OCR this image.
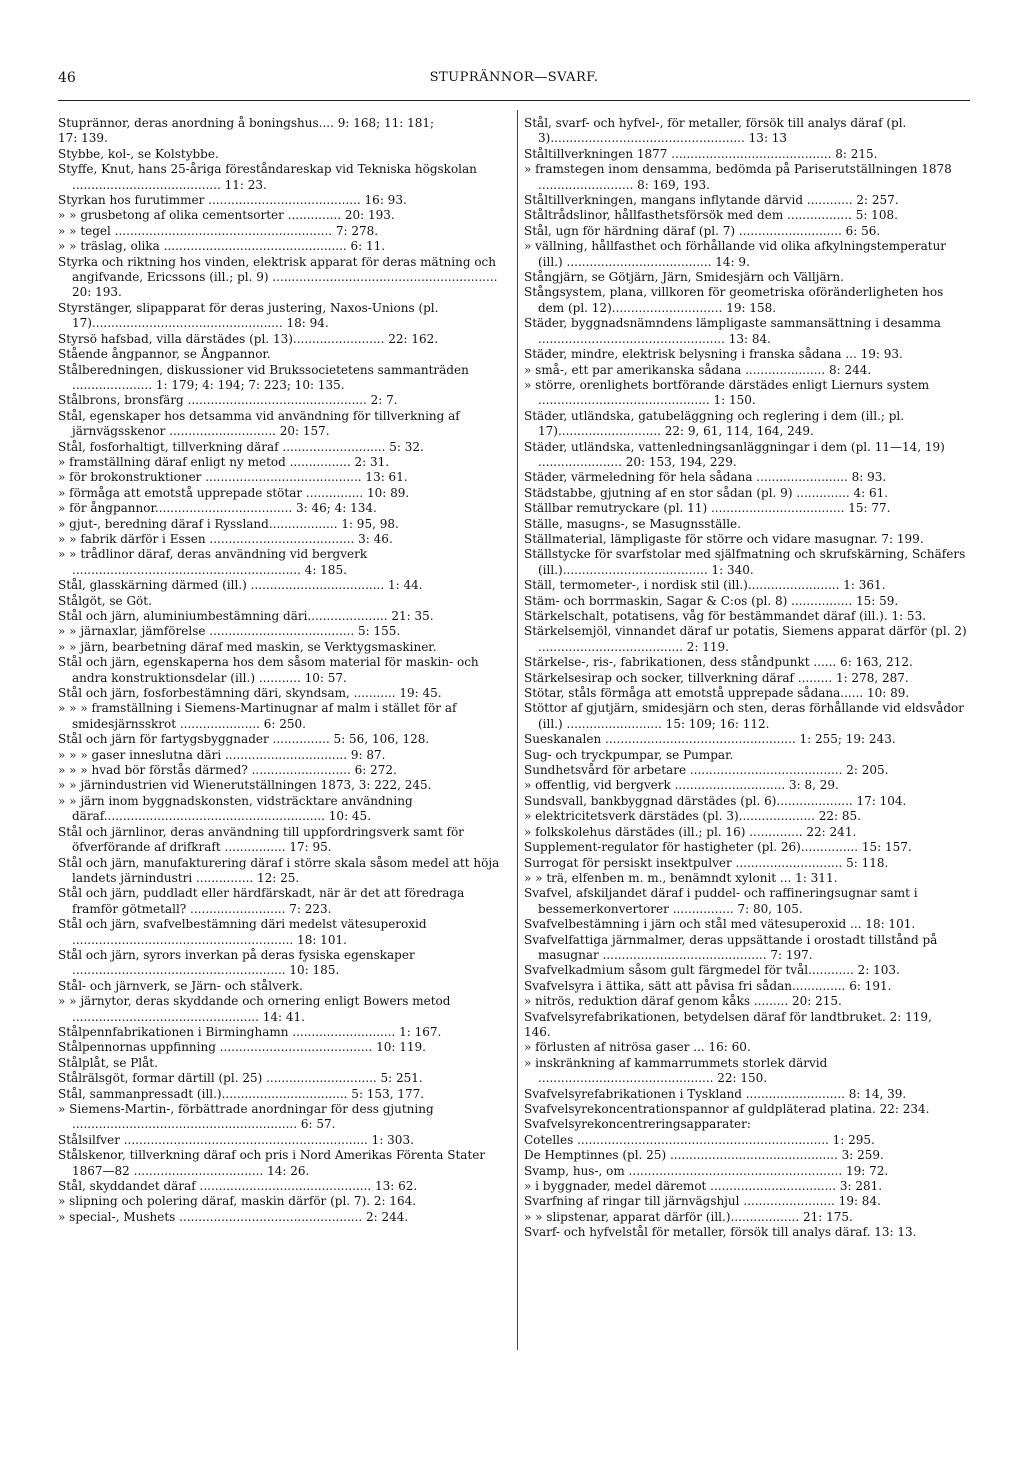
46	STUPRÄNNOR—SVARF.

Stuprännor, deras anordning å boningshus.... 9: 168; 11: 181;

17: 139.

Stybbe, kol-, se Kolstybbe.

Styffe, Knut, hans 25-åriga föreståndareskap vid Tekniska högskolan ....................................... 11: 23.

Styrkan hos furutimmer ........................................ 16: 93.

» » grusbetong af olika cementsorter .............. 20: 193.

» » tegel ......................................................... 7: 278.

» » träslag, olika ................................................ 6: 11.

Styrka och riktning hos vinden, elektrisk apparat för deras mätning och angifvande, Ericssons (ill.; pl. 9) ........................................................... 20: 193.

Styrstänger, slipapparat för deras justering, Naxos-Unions (pl. 17).................................................. 18: 94.

Styrsö hafsbad, villa därstädes (pl. 13)........................ 22: 162.

Stående ångpannor, se Ångpannor.

Stålberedningen, diskussioner vid Brukssocietetens sammanträden ..................... 1: 179; 4: 194; 7: 223; 10: 135.

Stålbrons, bronsfärg ............................................... 2: 7.

Stål, egenskaper hos detsamma vid användning för tillverkning af järnvägsskenor ............................ 20: 157.

Stål, fosforhaltigt, tillverkning däraf ........................... 5: 32.

» framställning däraf enligt ny metod ................ 2: 31.

» för brokonstruktioner ......................................... 13: 61.

» förmåga att emotstå upprepade stötar ............... 10: 89.

» för ångpannor.................................... 3: 46; 4: 134.

» gjut-, beredning däraf i Ryssland.................. 1: 95, 98.

» » fabrik därför i Essen ...................................... 3: 46.

» » trådlinor däraf, deras användning vid bergverk ............................................................ 4: 185.

Stål, glasskärning därmed (ill.) ................................... 1: 44.

Stålgöt, se Göt.

Stål och järn, aluminiumbestämning däri..................... 21: 35.

» » järnaxlar, jämförelse ...................................... 5: 155.

» » järn, bearbetning däraf med maskin, se Verktygsmaskiner.

Stål och järn, egenskaperna hos dem såsom material för maskin- och andra konstruktionsdelar (ill.) ........... 10: 57.

Stål och järn, fosforbestämning däri, skyndsam, ........... 19: 45.

» » » framställning i Siemens-Martinugnar af malm i stället för af smidesjärnsskrot ..................... 6: 250.

Stål och järn för fartygsbyggnader ............... 5: 56, 106, 128.

» » » gaser inneslutna däri ................................ 9: 87.

» » » hvad bör förstås därmed? .......................... 6: 272.

» » järnindustrien vid Wienerutställningen 1873, 3: 222, 245.

» » järn inom byggnadskonsten, vidsträcktare användning däraf.......................................................... 10: 45.

Stål och järnlinor, deras användning till uppfordringsverk samt för öfverförande af drifkraft ................ 17: 95.

Stål och järn, manufakturering däraf i större skala såsom medel att höja landets järnindustri ............... 12: 25.

Stål och järn, puddladt eller härdfärskadt, när är det att föredraga framför götmetall? ......................... 7: 223.

Stål och järn, svafvelbestämning däri medelst vätesuperoxid .......................................................... 18: 101.

Stål och järn, syrors inverkan på deras fysiska egenskaper ........................................................ 10: 185.

Stål- och järnverk, se Järn- och stålverk.

» » järnytor, deras skyddande och ornering enligt Bowers metod ................................................. 14: 41.

Stålpennfabrikationen i Birminghamn ........................... 1: 167.

Stålpennornas uppfinning ........................................ 10: 119.

Stålplåt, se Plåt.

Stålrälsgöt, formar därtill (pl. 25) ............................. 5: 251.

Stål, sammanpressadt (ill.)................................. 5: 153, 177.

» Siemens-Martin-, förbättrade anordningar för dess gjutning ........................................................... 6: 57.

Stålsilfver ................................................................ 1: 303.

Stålskenor, tillverkning däraf och pris i Nord Amerikas Förenta Stater 1867—82 .................................. 14: 26.

Stål, skyddandet däraf ............................................. 13: 62.

» slipning och polering däraf, maskin därför (pl. 7). 2: 164.

» special-, Mushets ................................................ 2: 244.

Stål, svarf- och hyfvel-, för metaller, försök till analys däraf (pl. 3)................................................... 13: 13

Ståltillverkningen 1877 .......................................... 8: 215.

» framstegen inom densamma, bedömda på Pariserutställningen 1878 ......................... 8: 169, 193.

Ståltillverkningen, mangans inflytande därvid ............ 2: 257.

Ståltrådslinor, hållfasthetsförsök med dem ................. 5: 108.

Stål, ugn för härdning däraf (pl. 7) ........................... 6: 56.

» vällning, hållfasthet och förhållande vid olika afkylningstemperatur (ill.) ...................................... 14: 9.

Stångjärn, se Götjärn, Järn, Smidesjärn och Välljärn.

Stångsystem, plana, villkoren för geometriska oföränderligheten hos dem (pl. 12)............................. 19: 158.

Städer, byggnadsnämndens lämpligaste sammansättning i desamma ................................................. 13: 84.

Städer, mindre, elektrisk belysning i franska sådana ... 19: 93.

» små-, ett par amerikanska sådana ..................... 8: 244.

» större, orenlighets bortförande därstädes enligt Liernurs system ............................................. 1: 150.

Städer, utländska, gatubeläggning och reglering i dem (ill.; pl. 17)........................... 22: 9, 61, 114, 164, 249.

Städer, utländska, vattenledningsanläggningar i dem (pl. 11—14, 19) ...................... 20: 153, 194, 229.

Städer, värmeledning för hela sådana ........................ 8: 93.

Städstabbe, gjutning af en stor sådan (pl. 9) .............. 4: 61.

Ställbar remutryckare (pl. 11) ................................... 15: 77.

Ställe, masugns-, se Masugnsställe.

Ställmaterial, lämpligaste för större och vidare masugnar. 7: 199.

Ställstycke för svarfstolar med själfmatning och skrufskärning, Schäfers (ill.)...................................... 1: 340.

Ställ, termometer-, i nordisk stil (ill.)........................ 1: 361.

Stäm- och borrmaskin, Sagar & C:os (pl. 8) ................ 15: 59.

Stärkelschalt, potatisens, våg för bestämmandet däraf (ill.). 1: 53.

Stärkelsemjöl, vinnandet däraf ur potatis, Siemens apparat därför (pl. 2) ...................................... 2: 119.

Stärkelse-, ris-, fabrikationen, dess ståndpunkt ...... 6: 163, 212.

Stärkelsesirap och socker, tillverkning däraf ......... 1: 278, 287.

Stötar, ståls förmåga att emotstå upprepade sådana...... 10: 89.

Stöttor af gjutjärn, smidesjärn och sten, deras förhållande vid eldsvådor (ill.) ......................... 15: 109; 16: 112.

Sueskanalen .................................................. 1: 255; 19: 243.

Sug- och tryckpumpar, se Pumpar.

Sundhetsvård för arbetare ........................................ 2: 205.

» offentlig, vid bergverk ............................. 3: 8, 29.

Sundsvall, bankbyggnad därstädes (pl. 6).................... 17: 104.

» elektricitetsverk därstädes (pl. 3).................... 22: 85.

» folkskolehus därstädes (ill.; pl. 16) .............. 22: 241.

Supplement-regulator för hastigheter (pl. 26)............... 15: 157.

Surrogat för persiskt insektpulver ............................ 5: 118.

» » trä, elfenben m. m., benämndt xylonit ... 1: 311.

Svafvel, afskiljandet däraf i puddel- och raffineringsugnar samt i bessemerkonvertorer ................ 7: 80, 105.

Svafvelbestämning i järn och stål med vätesuperoxid ... 18: 101.

Svafvelfattiga järnmalmer, deras uppsättande i orostadt tillstånd på masugnar ........................................... 7: 197.

Svafvelkadmium såsom gult färgmedel för tvål............ 2: 103.

Svafvelsyra i ättika, sätt att påvisa fri sådan.............. 6: 191.

» nitrös, reduktion däraf genom kåks ......... 20: 215.

Svafvelsyrefabrikationen, betydelsen däraf för landtbruket. 2: 119,

146.

» förlusten af nitrösa gaser ... 16: 60.

» inskränkning af kammarrummets storlek därvid .............................................. 22: 150.

Svafvelsyrefabrikationen i Tyskland .......................... 8: 14, 39.

Svafvelsyrekoncentrationspannor af guldpläterad platina. 22: 234.

Svafvelsyrekoncentreringsapparater:

Cotelles .................................................................. 1: 295.

De Hemptinnes (pl. 25) ............................................ 3: 259.

Svamp, hus-, om ........................................................ 19: 72.

» i byggnader, medel däremot ................................. 3: 281.

Svarfning af ringar till järnvägshjul ........................ 19: 84.

» » slipstenar, apparat därför (ill.).................. 21: 175.

Svarf- och hyfvelstål för metaller, försök till analys däraf. 13: 13.
